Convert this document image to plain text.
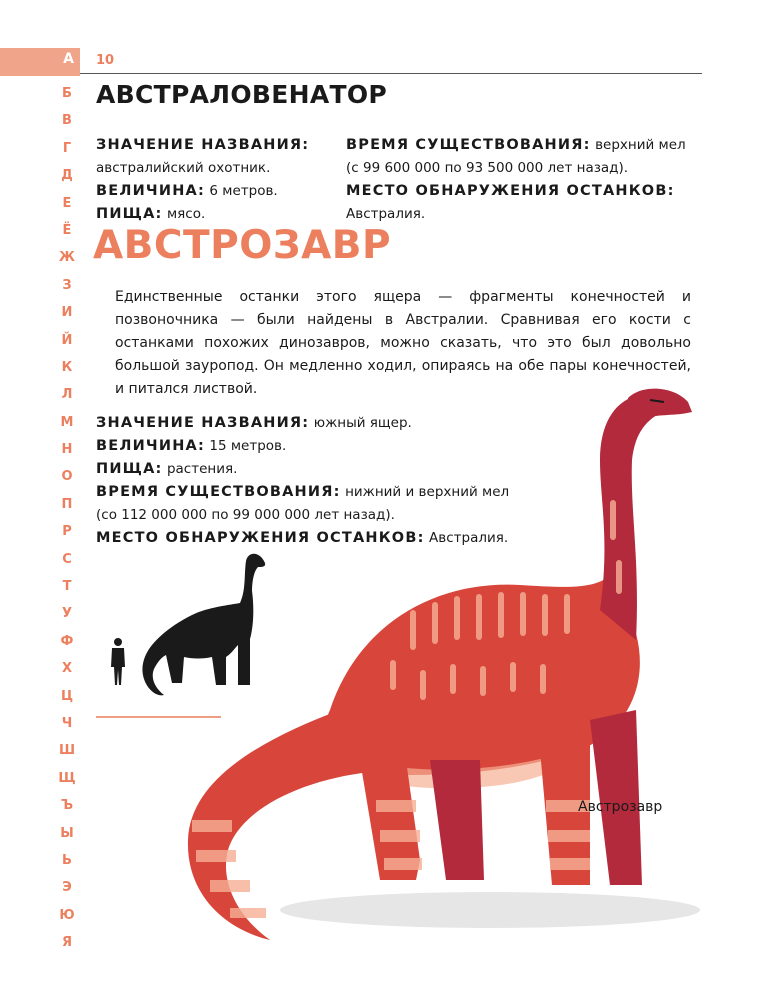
А 10
Б
В
Г
Д
Е
Ё
Ж
З
И
Й
К
Л
М
Н
О
П
Р
С
Т
У
Ф
Х
Ц
Ч
Ш
Щ
Ъ
Ы
Ь
Э
Ю
Я
АВСТРАЛОВЕНАТОР
ЗНАЧЕНИЕ НАЗВАНИЯ:
австралийский охотник.
ВЕЛИЧИНА: 6 метров.
ПИЩА: мясо.
ВРЕМЯ СУЩЕСТВОВАНИЯ: верхний мел
(с 99 600 000 по 93 500 000 лет назад).
МЕСТО ОБНАРУЖЕНИЯ ОСТАНКОВ:
Австралия.
АВСТРОЗАВР
Единственные останки этого ящера — фрагменты конечностей и позвоночника — были найдены в Австралии. Сравнивая его кости с останками похожих динозавров, можно сказать, что это был довольно большой зауропод. Он медленно ходил, опираясь на обе пары конечностей, и питался листвой.
ЗНАЧЕНИЕ НАЗВАНИЯ: южный ящер.
ВЕЛИЧИНА: 15 метров.
ПИЩА: растения.
ВРЕМЯ СУЩЕСТВОВАНИЯ: нижний и верхний мел
(со 112 000 000 по 99 000 000 лет назад).
МЕСТО ОБНАРУЖЕНИЯ ОСТАНКОВ: Австралия.
Австрозавр
